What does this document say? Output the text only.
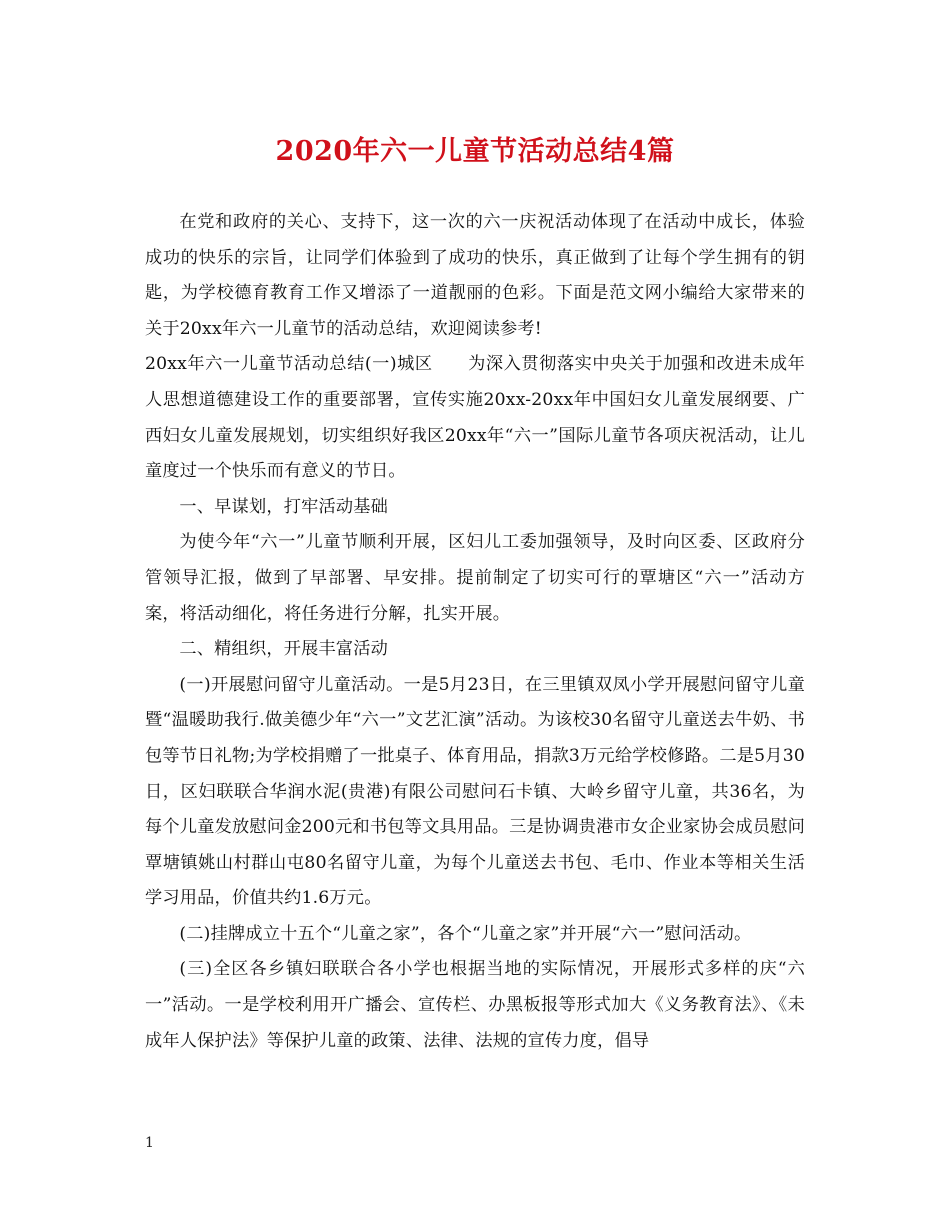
2020年六一儿童节活动总结4篇

在党和政府的关心、支持下，这一次的六一庆祝活动体现了在活动中成长，体验成功的快乐的宗旨，让同学们体验到了成功的快乐，真正做到了让每个学生拥有的钥匙，为学校德育教育工作又增添了一道靓丽的色彩。下面是范文网小编给大家带来的关于20xx年六一儿童节的活动总结，欢迎阅读参考!

20xx年六一儿童节活动总结(一)城区　　为深入贯彻落实中央关于加强和改进未成年人思想道德建设工作的重要部署，宣传实施20xx-20xx年中国妇女儿童发展纲要、广西妇女儿童发展规划，切实组织好我区20xx年“六一”国际儿童节各项庆祝活动，让儿童度过一个快乐而有意义的节日。

一、早谋划，打牢活动基础

为使今年“六一”儿童节顺利开展，区妇儿工委加强领导，及时向区委、区政府分管领导汇报，做到了早部署、早安排。提前制定了切实可行的覃塘区“六一”活动方案，将活动细化，将任务进行分解，扎实开展。

二、精组织，开展丰富活动

(一)开展慰问留守儿童活动。一是5月23日，在三里镇双凤小学开展慰问留守儿童暨“温暖助我行.做美德少年“六一”文艺汇演”活动。为该校30名留守儿童送去牛奶、书包等节日礼物;为学校捐赠了一批桌子、体育用品，捐款3万元给学校修路。二是5月30日，区妇联联合华润水泥(贵港)有限公司慰问石卡镇、大岭乡留守儿童，共36名，为每个儿童发放慰问金200元和书包等文具用品。三是协调贵港市女企业家协会成员慰问覃塘镇姚山村群山屯80名留守儿童，为每个儿童送去书包、毛巾、作业本等相关生活学习用品，价值共约1.6万元。

(二)挂牌成立十五个“儿童之家”，各个“儿童之家”并开展“六一”慰问活动。

(三)全区各乡镇妇联联合各小学也根据当地的实际情况，开展形式多样的庆“六一”活动。一是学校利用开广播会、宣传栏、办黑板报等形式加大《义务教育法》、《未成年人保护法》等保护儿童的政策、法律、法规的宣传力度，倡导

1
